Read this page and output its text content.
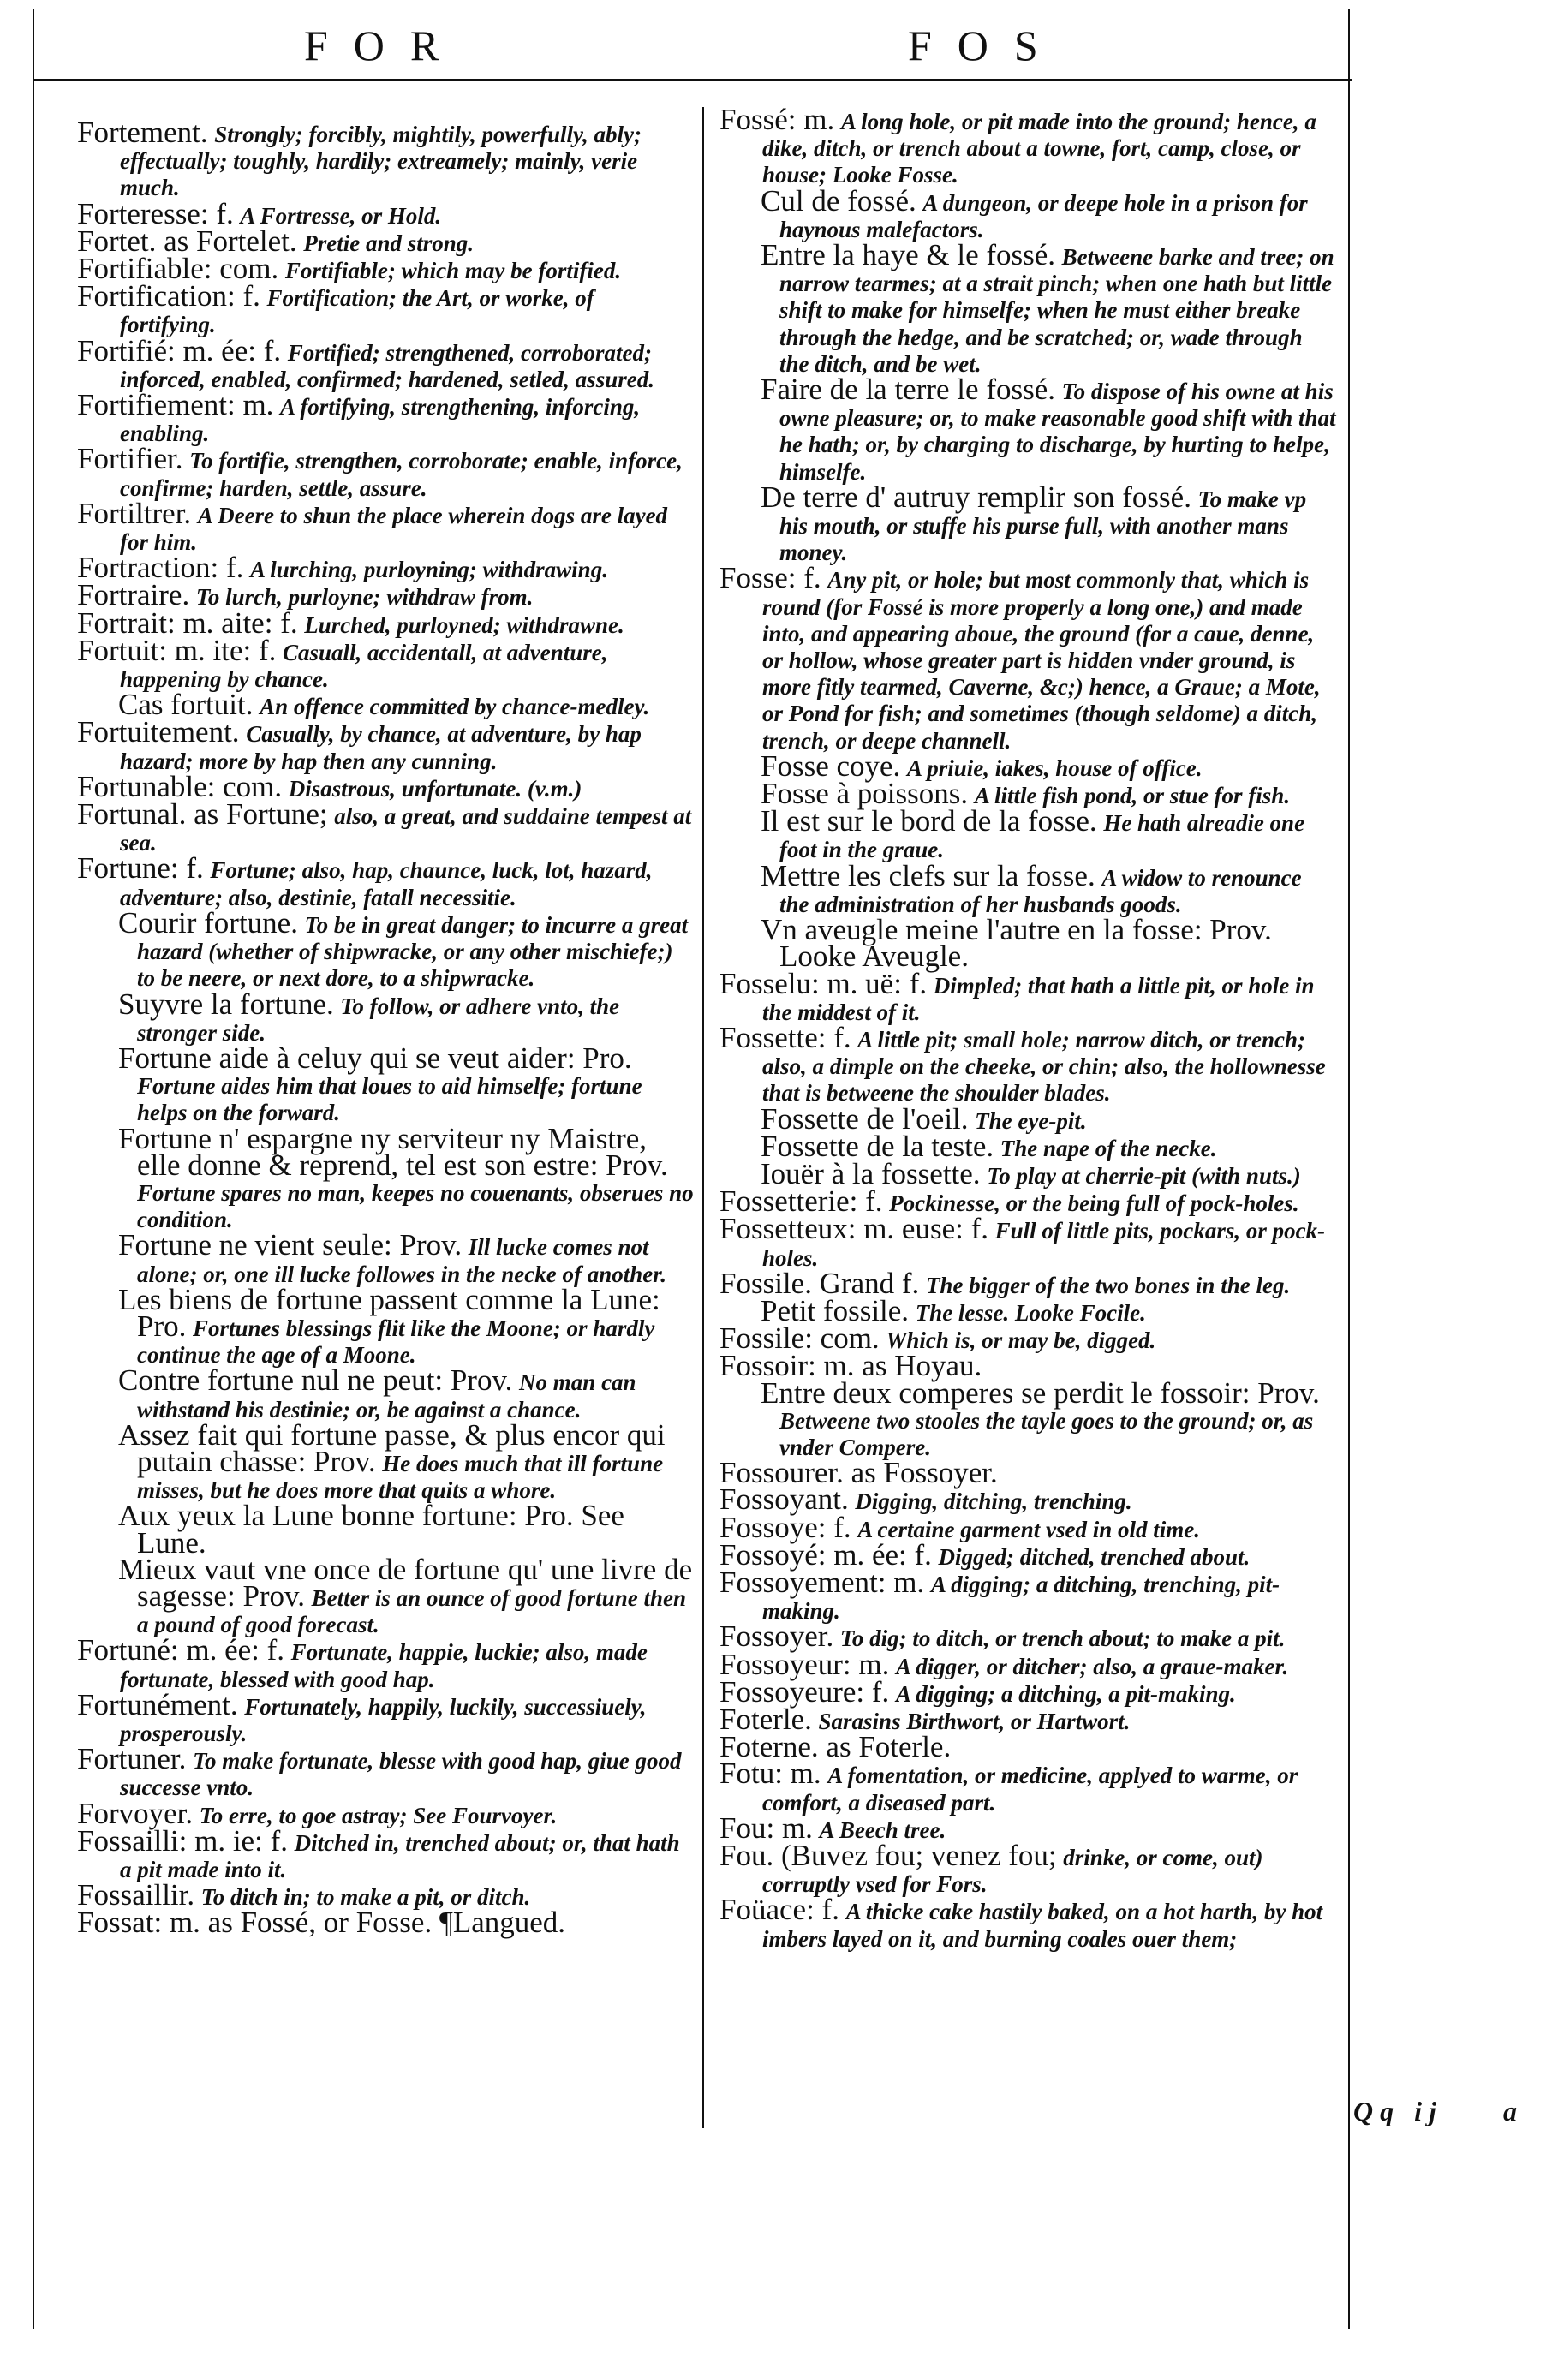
FOR	FOS

Fortement. Strongly; forcibly, mightily, powerfully, ably; effectually; toughly, hardily; extreamely; mainly, verie much.

Forteresse: f. A Fortresse, or Hold.

Fortet. as Fortelet. Pretie and strong.

Fortifiable: com. Fortifiable; which may be fortified.

Fortification: f. Fortification; the Art, or worke, of fortifying.

Fortifié: m. ée: f. Fortified; strengthened, corroborated; inforced, enabled, confirmed; hardened, setled, assured.

Fortifiement: m. A fortifying, strengthening, inforcing, enabling.

Fortifier. To fortifie, strengthen, corroborate; enable, inforce, confirme; harden, settle, assure.

Fortiltrer. A Deere to shun the place wherein dogs are layed for him.

Fortraction: f. A lurching, purloyning; withdrawing.

Fortraire. To lurch, purloyne; withdraw from.

Fortrait: m. aite: f. Lurched, purloyned; withdrawne.

Fortuit: m. ite: f. Casuall, accidentall, at adventure, happening by chance.

Cas fortuit. An offence committed by chance-medley.

Fortuitement. Casually, by chance, at adventure, by hap hazard; more by hap then any cunning.

Fortunable: com. Disastrous, unfortunate. (v.m.)

Fortunal. as Fortune; also, a great, and suddaine tempest at sea.

Fortune: f. Fortune; also, hap, chaunce, luck, lot, hazard, adventure; also, destinie, fatall necessitie.

Courir fortune. To be in great danger; to incurre a great hazard (whether of shipwracke, or any other mischiefe;) to be neere, or next dore, to a shipwracke.

Suyvre la fortune. To follow, or adhere vnto, the stronger side.

Fortune aide à celuy qui se veut aider: Pro. Fortune aides him that loues to aid himselfe; fortune helps on the forward.

Fortune n' espargne ny serviteur ny Maistre, elle donne & reprend, tel est son estre: Prov. Fortune spares no man, keepes no couenants, obserues no condition.

Fortune ne vient seule: Prov. Ill lucke comes not alone; or, one ill lucke followes in the necke of another.

Les biens de fortune passent comme la Lune: Pro. Fortunes blessings flit like the Moone; or hardly continue the age of a Moone.

Contre fortune nul ne peut: Prov. No man can withstand his destinie; or, be against a chance.

Assez fait qui fortune passe, & plus encor qui putain chasse: Prov. He does much that ill fortune misses, but he does more that quits a whore.

Aux yeux la Lune bonne fortune: Pro. See Lune.

Mieux vaut vne once de fortune qu' une livre de sagesse: Prov. Better is an ounce of good fortune then a pound of good forecast.

Fortuné: m. ée: f. Fortunate, happie, luckie; also, made fortunate, blessed with good hap.

Fortunément. Fortunately, happily, luckily, successiuely, prosperously.

Fortuner. To make fortunate, blesse with good hap, giue good successe vnto.

Forvoyer. To erre, to goe astray; See Fourvoyer.

Fossailli: m. ie: f. Ditched in, trenched about; or, that hath a pit made into it.

Fossaillir. To ditch in; to make a pit, or ditch.

Fossat: m. as Fossé, or Fosse. ¶Langued.

Fossé: m. A long hole, or pit made into the ground; hence, a dike, ditch, or trench about a towne, fort, camp, close, or house; Looke Fosse.

Cul de fossé. A dungeon, or deepe hole in a prison for haynous malefactors.

Entre la haye & le fossé. Betweene barke and tree; on narrow tearmes; at a strait pinch; when one hath but little shift to make for himselfe; when he must either breake through the hedge, and be scratched; or, wade through the ditch, and be wet.

Faire de la terre le fossé. To dispose of his owne at his owne pleasure; or, to make reasonable good shift with that he hath; or, by charging to discharge, by hurting to helpe, himselfe.

De terre d' autruy remplir son fossé. To make vp his mouth, or stuffe his purse full, with another mans money.

Fosse: f. Any pit, or hole; but most commonly that, which is round (for Fossé is more properly a long one,) and made into, and appearing aboue, the ground (for a caue, denne, or hollow, whose greater part is hidden vnder ground, is more fitly tearmed, Caverne, &c;) hence, a Graue; a Mote, or Pond for fish; and sometimes (though seldome) a ditch, trench, or deepe channell.

Fosse coye. A priuie, iakes, house of office.

Fosse à poissons. A little fish pond, or stue for fish.

Il est sur le bord de la fosse. He hath alreadie one foot in the graue.

Mettre les clefs sur la fosse. A widow to renounce the administration of her husbands goods.

Vn aveugle meine l'autre en la fosse: Prov. Looke Aveugle.

Fosselu: m. uë: f. Dimpled; that hath a little pit, or hole in the middest of it.

Fossette: f. A little pit; small hole; narrow ditch, or trench; also, a dimple on the cheeke, or chin; also, the hollownesse that is betweene the shoulder blades.

Fossette de l'oeil. The eye-pit.

Fossette de la teste. The nape of the necke.

Iouër à la fossette. To play at cherrie-pit (with nuts.)

Fossetterie: f. Pockinesse, or the being full of pock-holes.

Fossetteux: m. euse: f. Full of little pits, pockars, or pock-holes.

Fossile. Grand f. The bigger of the two bones in the leg.

Petit fossile. The lesse. Looke Focile.

Fossile: com. Which is, or may be, digged.

Fossoir: m. as Hoyau.

Entre deux comperes se perdit le fossoir: Prov. Betweene two stooles the tayle goes to the ground; or, as vnder Compere.

Fossourer. as Fossoyer.

Fossoyant. Digging, ditching, trenching.

Fossoye: f. A certaine garment vsed in old time.

Fossoyé: m. ée: f. Digged; ditched, trenched about.

Fossoyement: m. A digging; a ditching, trenching, pit-making.

Fossoyer. To dig; to ditch, or trench about; to make a pit.

Fossoyeur: m. A digger, or ditcher; also, a graue-maker.

Fossoyeure: f. A digging; a ditching, a pit-making.

Foterle. Sarasins Birthwort, or Hartwort.

Foterne. as Foterle.

Fotu: m. A fomentation, or medicine, applyed to warme, or comfort, a diseased part.

Fou: m. A Beech tree.

Fou. (Buvez fou; venez fou; drinke, or come, out) corruptly vsed for Fors.

Foüace: f. A thicke cake hastily baked, on a hot harth, by hot imbers layed on it, and burning coales ouer them;

Qq ij a
